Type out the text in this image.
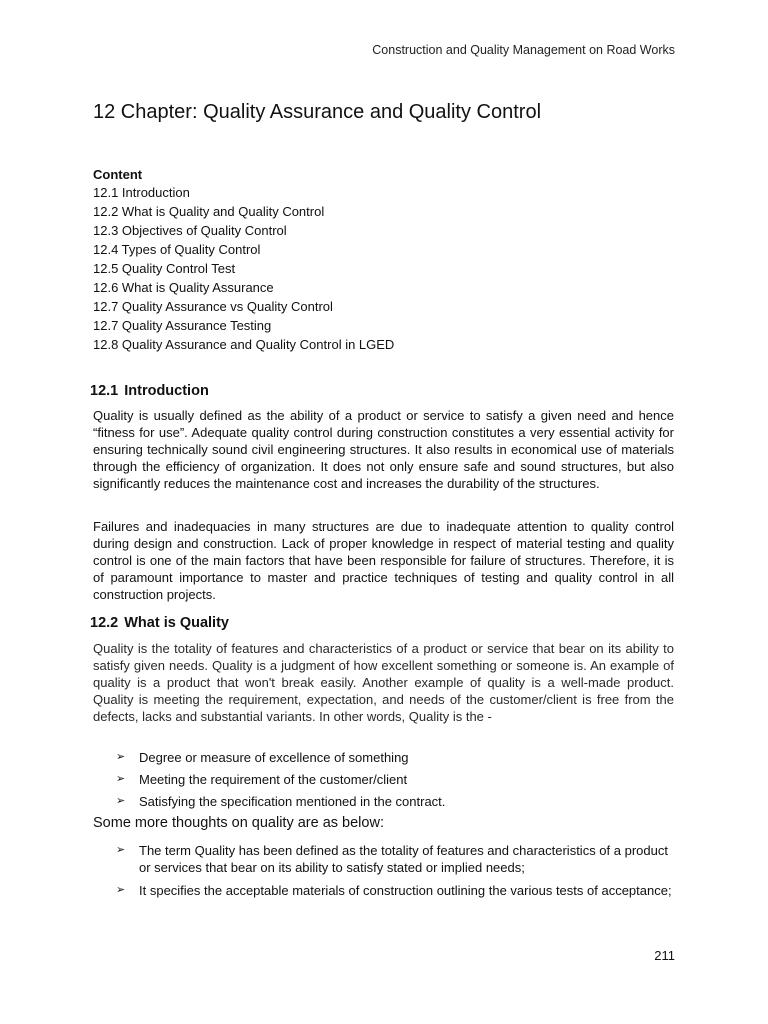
Construction and Quality Management on Road Works
12 Chapter: Quality Assurance and Quality Control
Content
12.1 Introduction
12.2 What is Quality and Quality Control
12.3 Objectives of Quality Control
12.4 Types of Quality Control
12.5 Quality Control Test
12.6 What is Quality Assurance
12.7 Quality Assurance vs Quality Control
12.7 Quality Assurance Testing
12.8 Quality Assurance and Quality Control in LGED
12.1 Introduction

Quality is usually defined as the ability of a product or service to satisfy a given need and hence “fitness for use”. Adequate quality control during construction constitutes a very essential activity for ensuring technically sound civil engineering structures. It also results in economical use of materials through the efficiency of organization. It does not only ensure safe and sound structures, but also significantly reduces the maintenance cost and increases the durability of the structures.

Failures and inadequacies in many structures are due to inadequate attention to quality control during design and construction. Lack of proper knowledge in respect of material testing and quality control is one of the main factors that have been responsible for failure of structures. Therefore, it is of paramount importance to master and practice techniques of testing and quality control in all construction projects.

12.2 What is Quality

Quality is the totality of features and characteristics of a product or service that bear on its ability to satisfy given needs. Quality is a judgment of how excellent something or someone is. An example of quality is a product that won't break easily. Another example of quality is a well-made product. Quality is meeting the requirement, expectation, and needs of the customer/client is free from the defects, lacks and substantial variants. In other words, Quality is the -

➢ Degree or measure of excellence of something
➢ Meeting the requirement of the customer/client
➢ Satisfying the specification mentioned in the contract.

Some more thoughts on quality are as below:

➢ The term Quality has been defined as the totality of features and characteristics of a product or services that bear on its ability to satisfy stated or implied needs;
➢ It specifies the acceptable materials of construction outlining the various tests of acceptance;
211
